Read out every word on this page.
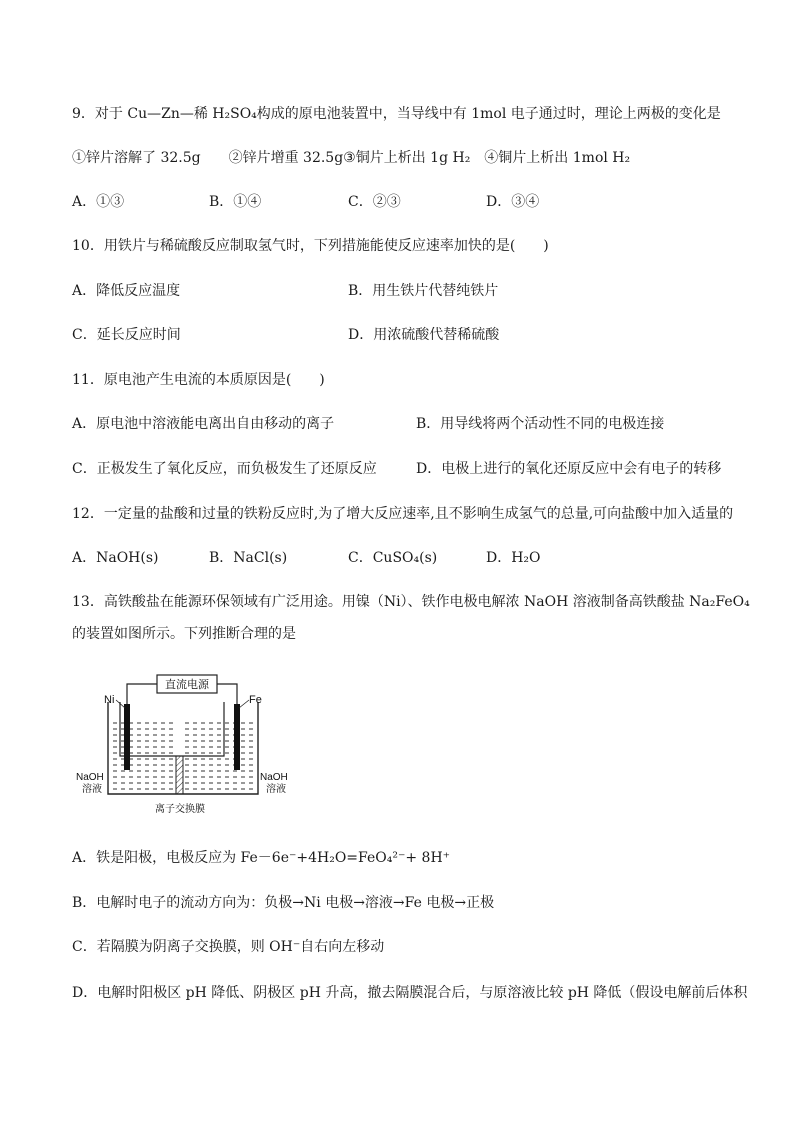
9．对于 Cu—Zn—稀 H₂SO₄构成的原电池装置中，当导线中有 1mol 电子通过时，理论上两极的变化是
①锌片溶解了 32.5g　　②锌片增重 32.5g③铜片上析出 1g H₂　④铜片上析出 1mol H₂
A．①③	B．①④	C．②③	D．③④
10．用铁片与稀硫酸反应制取氢气时，下列措施能使反应速率加快的是(　　)
A．降低反应温度	B．用生铁片代替纯铁片
C．延长反应时间	D．用浓硫酸代替稀硫酸
11．原电池产生电流的本质原因是(　　)
A．原电池中溶液能电离出自由移动的离子	B．用导线将两个活动性不同的电极连接
C．正极发生了氧化反应，而负极发生了还原反应	D．电极上进行的氧化还原反应中会有电子的转移
12．一定量的盐酸和过量的铁粉反应时,为了增大反应速率,且不影响生成氢气的总量,可向盐酸中加入适量的
A．NaOH(s)	B．NaCl(s)	C．CuSO₄(s)	D．H₂O
13．高铁酸盐在能源环保领域有广泛用途。用镍（Ni）、铁作电极电解浓 NaOH 溶液制备高铁酸盐 Na₂FeO₄
的装置如图所示。下列推断合理的是
直流电源
Ni	Fe
NaOH
溶液
NaOH
溶液
离子交换膜
A．铁是阳极，电极反应为 Fe－6e⁻+4H₂O=FeO₄²⁻+ 8H⁺
B．电解时电子的流动方向为：负极→Ni 电极→溶液→Fe 电极→正极
C．若隔膜为阴离子交换膜，则 OH⁻自右向左移动
D．电解时阳极区 pH 降低、阴极区 pH 升高，撤去隔膜混合后，与原溶液比较 pH 降低（假设电解前后体积
